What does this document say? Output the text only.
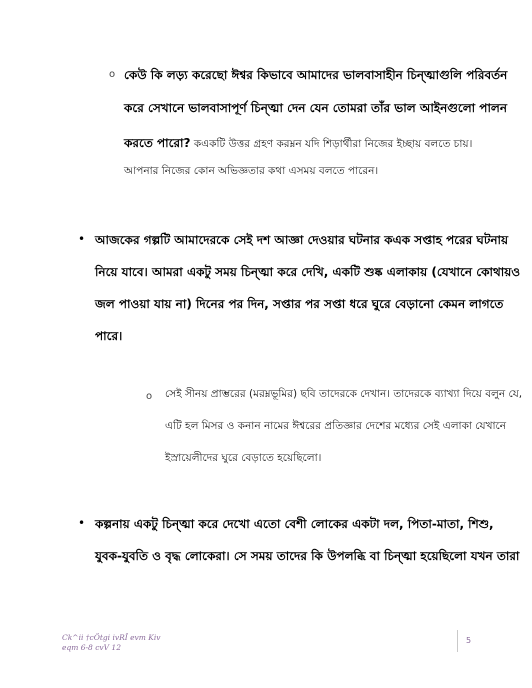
o কেউ কি লড়্য করেছো ঈশ্বর কিভাবে আমাদের ভালবাসাহীন চিন্ত্মাগুলি পরিবর্তন
করে সেখানে ভালবাসাপূর্ণ চিন্ত্মা দেন যেন তোমরা তাঁর ভাল আইনগুলো পালন
করতে পারো? কএকটি উত্তর গ্রহণ করম্নন যদি শিড়ার্থীরা নিজের ইচ্ছায় বলতে চায়।
আপনার নিজের কোন অভিজ্ঞতার কথা এসময় বলতে পারেন।
• আজকের গল্পটি আমাদেরকে সেই দশ আজ্ঞা দেওয়ার ঘটনার কএক সপ্তাহ পরের ঘটনায়
নিয়ে যাবে। আমরা একটু সময় চিন্ত্মা করে দেখি, একটি শুষ্ক এলাকায় (যেখানে কোথায়ও
জল পাওয়া যায় না) দিনের পর দিন, সপ্তার পর সপ্তা ধরে ঘুরে বেড়ানো কেমন লাগতে
পারে।
o সেই সীনয় প্রাম্ভরের (মরম্নভূমির) ছবি তাদেরকে দেখান। তাদেরকে ব্যাখ্যা দিয়ে বলুন যে,
এটি হল মিসর ও কনান নামের ঈশ্বরের প্রতিজ্ঞার দেশের মধ্যের সেই এলাকা যেখানে
ইস্রায়েলীদের ঘুরে বেড়াতে হয়েছিলো।
• কল্পনায় একটু চিন্ত্মা করে দেখো এতো বেশী লোকের একটা দল, পিতা-মাতা, শিশু,
যুবক-যুবতি ও বৃদ্ধ লোকেরা। সে সময় তাদের কি উপলব্ধি বা চিন্ত্মা হয়েছিলো যখন তারা
Ck^ii †cÖtgi ivRÎ evm Kiv
eqm 6-8 cvV 12
5
